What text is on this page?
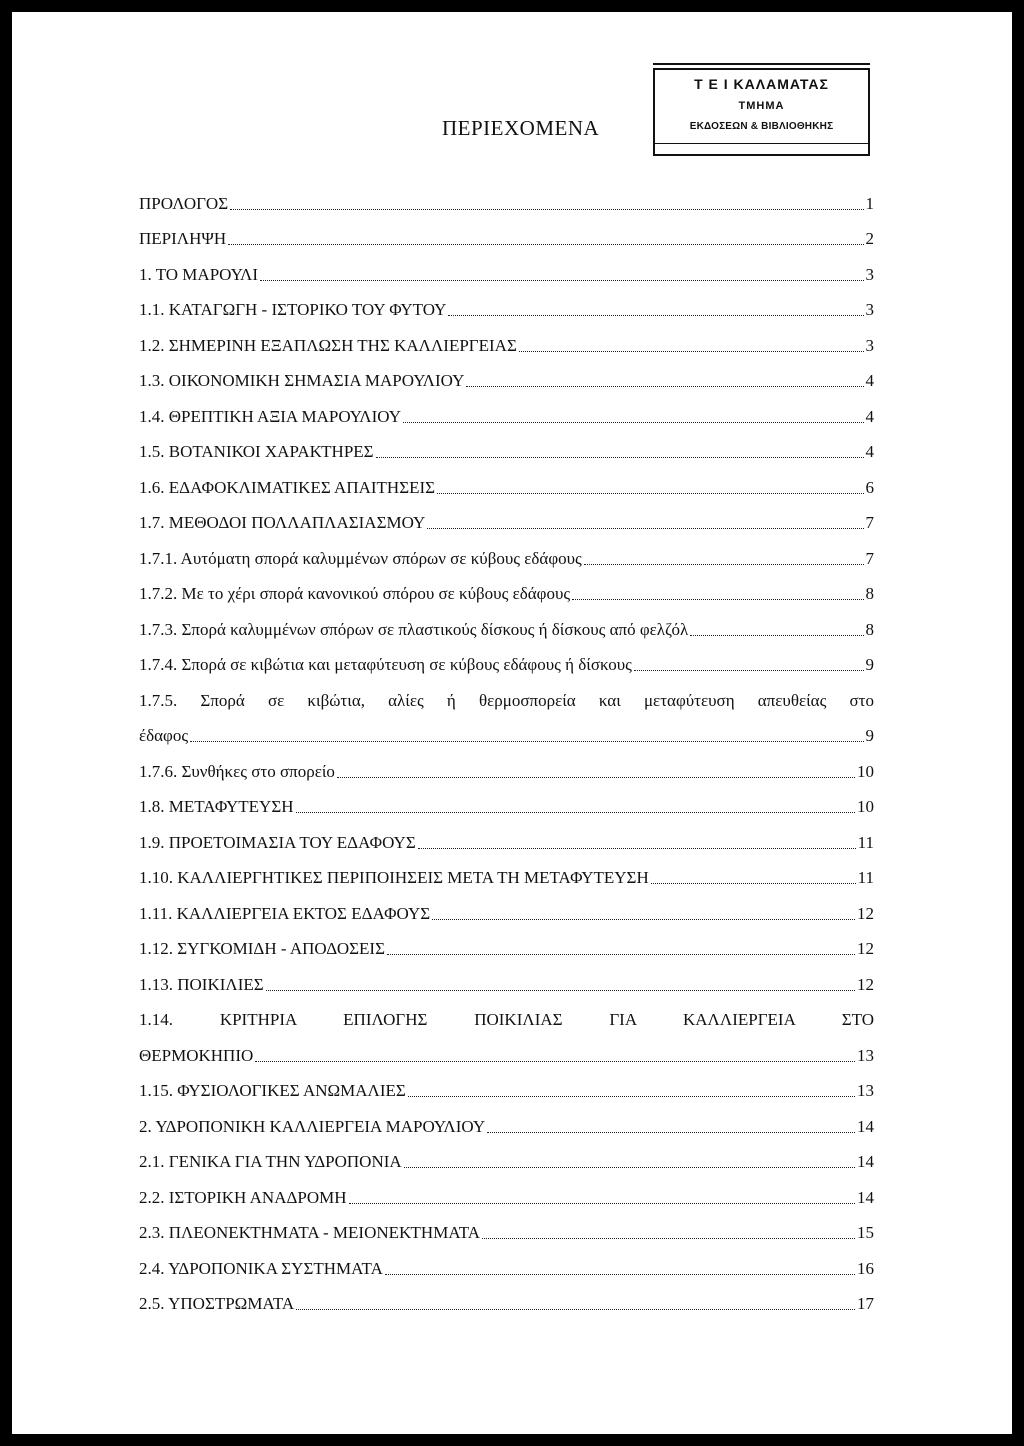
ΠΕΡΙΕΧΟΜΕΝΑ
Τ Ε Ι ΚΑΛΑΜΑΤΑΣ
ΤΜΗΜΑ
ΕΚΔΟΣΕΩΝ & ΒΙΒΛΙΟΘΗΚΗΣ
ΠΡΟΛΟΓΟΣ	1
ΠΕΡΙΛΗΨΗ	2
1. ΤΟ ΜΑΡΟΥΛΙ	3
1.1. ΚΑΤΑΓΩΓΗ - ΙΣΤΟΡΙΚΟ ΤΟΥ ΦΥΤΟΥ	3
1.2. ΣΗΜΕΡΙΝΗ ΕΞΑΠΛΩΣΗ ΤΗΣ ΚΑΛΛΙΕΡΓΕΙΑΣ	3
1.3. ΟΙΚΟΝΟΜΙΚΗ ΣΗΜΑΣΙΑ ΜΑΡΟΥΛΙΟΥ	4
1.4. ΘΡΕΠΤΙΚΗ ΑΞΙΑ ΜΑΡΟΥΛΙΟΥ	4
1.5. ΒΟΤΑΝΙΚΟΙ ΧΑΡΑΚΤΗΡΕΣ	4
1.6. ΕΔΑΦΟΚΛΙΜΑΤΙΚΕΣ ΑΠΑΙΤΗΣΕΙΣ	6
1.7. ΜΕΘΟΔΟΙ ΠΟΛΛΑΠΛΑΣΙΑΣΜΟΥ	7
1.7.1. Αυτόματη σπορά καλυμμένων σπόρων σε κύβους εδάφους	7
1.7.2. Με το χέρι σπορά κανονικού σπόρου σε κύβους εδάφους	8
1.7.3. Σπορά καλυμμένων σπόρων σε πλαστικούς δίσκους ή δίσκους από φελζόλ	8
1.7.4. Σπορά σε κιβώτια και μεταφύτευση σε κύβους εδάφους ή δίσκους	9
1.7.5. Σπορά σε κιβώτια, αλίες ή θερμοσπορεία και μεταφύτευση απευθείας στο
έδαφος	9
1.7.6. Συνθήκες στο σπορείο	10
1.8. ΜΕΤΑΦΥΤΕΥΣΗ	10
1.9. ΠΡΟΕΤΟΙΜΑΣΙΑ ΤΟΥ ΕΔΑΦΟΥΣ	11
1.10. ΚΑΛΛΙΕΡΓΗΤΙΚΕΣ ΠΕΡΙΠΟΙΗΣΕΙΣ ΜΕΤΑ ΤΗ ΜΕΤΑΦΥΤΕΥΣΗ	11
1.11. ΚΑΛΛΙΕΡΓΕΙΑ ΕΚΤΟΣ ΕΔΑΦΟΥΣ	12
1.12. ΣΥΓΚΟΜΙΔΗ - ΑΠΟΔΟΣΕΙΣ	12
1.13. ΠΟΙΚΙΛΙΕΣ	12
1.14. ΚΡΙΤΗΡΙΑ ΕΠΙΛΟΓΗΣ ΠΟΙΚΙΛΙΑΣ ΓΙΑ ΚΑΛΛΙΕΡΓΕΙΑ ΣΤΟ
ΘΕΡΜΟΚΗΠΙΟ	13
1.15. ΦΥΣΙΟΛΟΓΙΚΕΣ ΑΝΩΜΑΛΙΕΣ	13
2. ΥΔΡΟΠΟΝΙΚΗ ΚΑΛΛΙΕΡΓΕΙΑ ΜΑΡΟΥΛΙΟΥ	14
2.1. ΓΕΝΙΚΑ ΓΙΑ ΤΗΝ ΥΔΡΟΠΟΝΙΑ	14
2.2. ΙΣΤΟΡΙΚΗ ΑΝΑΔΡΟΜΗ	14
2.3. ΠΛΕΟΝΕΚΤΗΜΑΤΑ - ΜΕΙΟΝΕΚΤΗΜΑΤΑ	15
2.4. ΥΔΡΟΠΟΝΙΚΑ ΣΥΣΤΗΜΑΤΑ	16
2.5. ΥΠΟΣΤΡΩΜΑΤΑ	17
